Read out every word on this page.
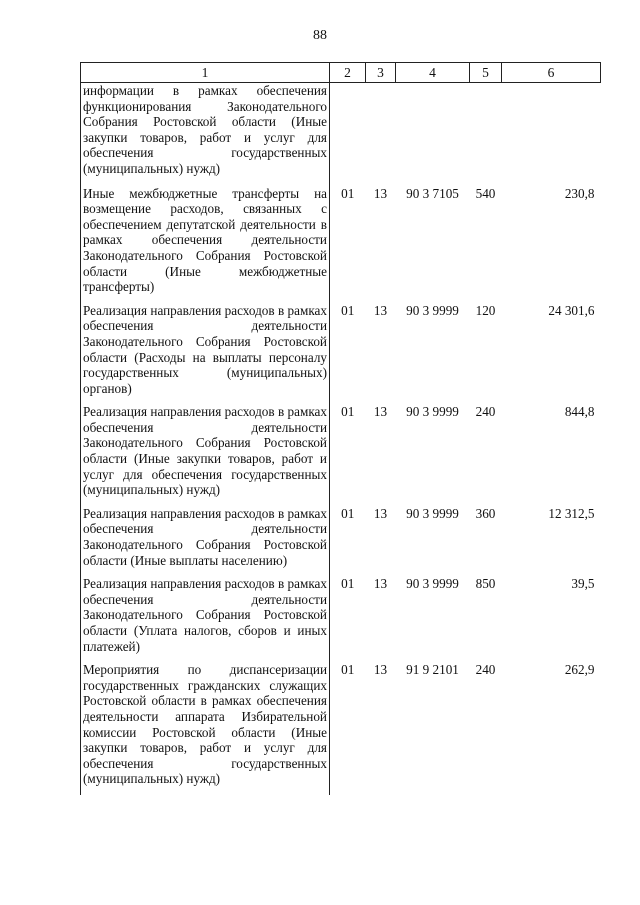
88
1	2	3	4	5	6
информации в рамках обеспечения функционирования Законодательного Собрания Ростовской области (Иные закупки товаров, работ и услуг для обеспечения государственных (муниципальных) нужд)					
Иные межбюджетные трансферты на возмещение расходов, связанных с обеспечением депутатской деятельности в рамках обеспечения деятельности Законодательного Собрания Ростовской области (Иные межбюджетные трансферты)	01	13	90 3 7105	540	230,8
Реализация направления расходов в рамках обеспечения деятельности Законодательного Собрания Ростовской области (Расходы на выплаты персоналу государственных (муниципальных) органов)	01	13	90 3 9999	120	24 301,6
Реализация направления расходов в рамках обеспечения деятельности Законодательного Собрания Ростовской области (Иные закупки товаров, работ и услуг для обеспечения государственных (муниципальных) нужд)	01	13	90 3 9999	240	844,8
Реализация направления расходов в рамках обеспечения деятельности Законодательного Собрания Ростовской области (Иные выплаты населению)	01	13	90 3 9999	360	12 312,5
Реализация направления расходов в рамках обеспечения деятельности Законодательного Собрания Ростовской области (Уплата налогов, сборов и иных платежей)	01	13	90 3 9999	850	39,5
Мероприятия по диспансеризации государственных гражданских служащих Ростовской области в рамках обеспечения деятельности аппарата Избирательной комиссии Ростовской области (Иные закупки товаров, работ и услуг для обеспечения государственных (муниципальных) нужд)	01	13	91 9 2101	240	262,9
